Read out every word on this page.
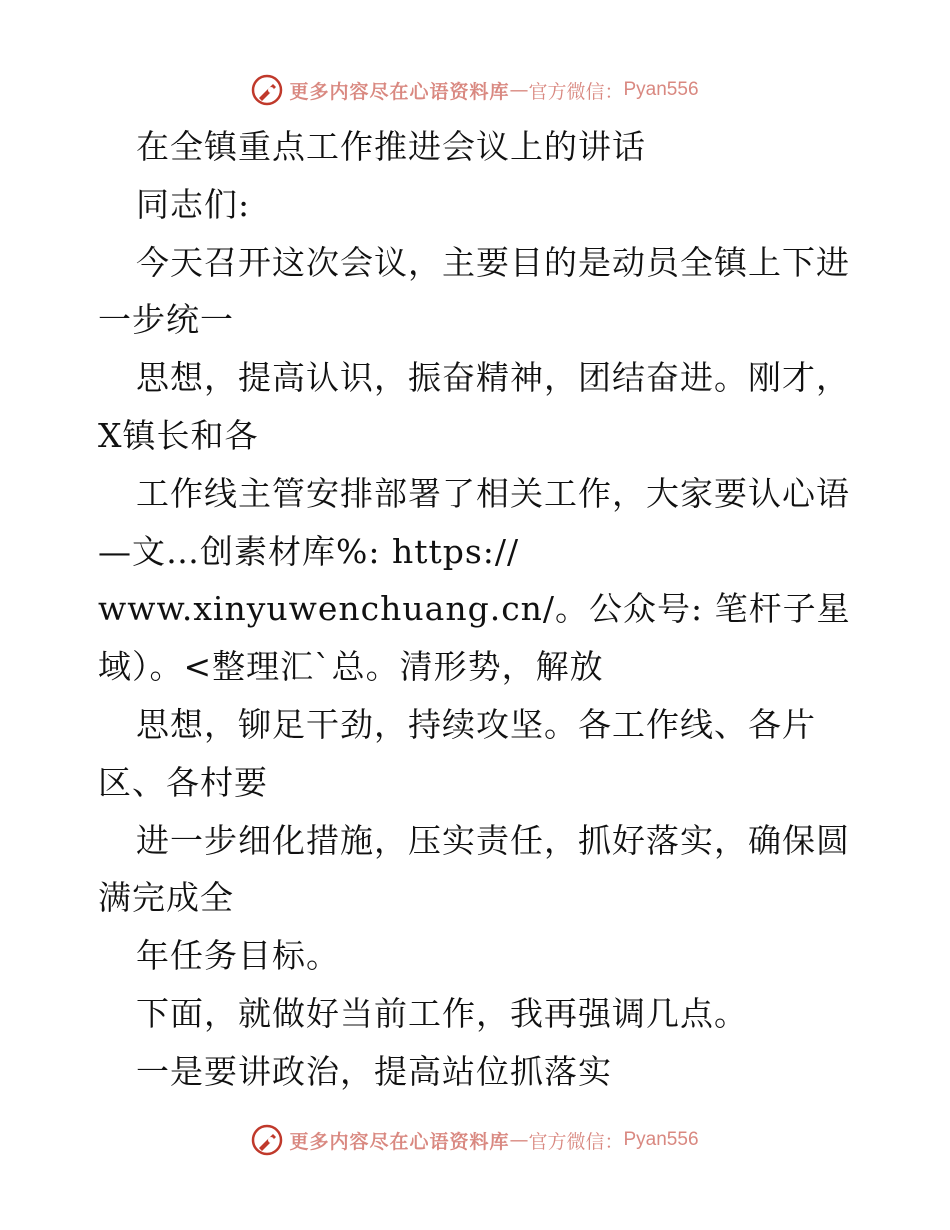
更多内容尽在心语资料库 — 官方微信： Pyan556
在全镇重点工作推进会议上的讲话
同志们:
今天召开这次会议，主要目的是动员全镇上下进
一步统一
思想，提高认识，振奋精神，团结奋进。刚才，
X镇长和各
工作线主管安排部署了相关工作，大家要认心语
—文…创素材库%: https://
www.xinyuwenchuang.cn/。公众号: 笔杆子星
域）。<整理汇`总。清形势，解放
思想，铆足干劲，持续攻坚。各工作线、各片
区、各村要
进一步细化措施，压实责任，抓好落实，确保圆
满完成全
年任务目标。
下面，就做好当前工作，我再强调几点。
一是要讲政治，提高站位抓落实
更多内容尽在心语资料库 — 官方微信： Pyan556
